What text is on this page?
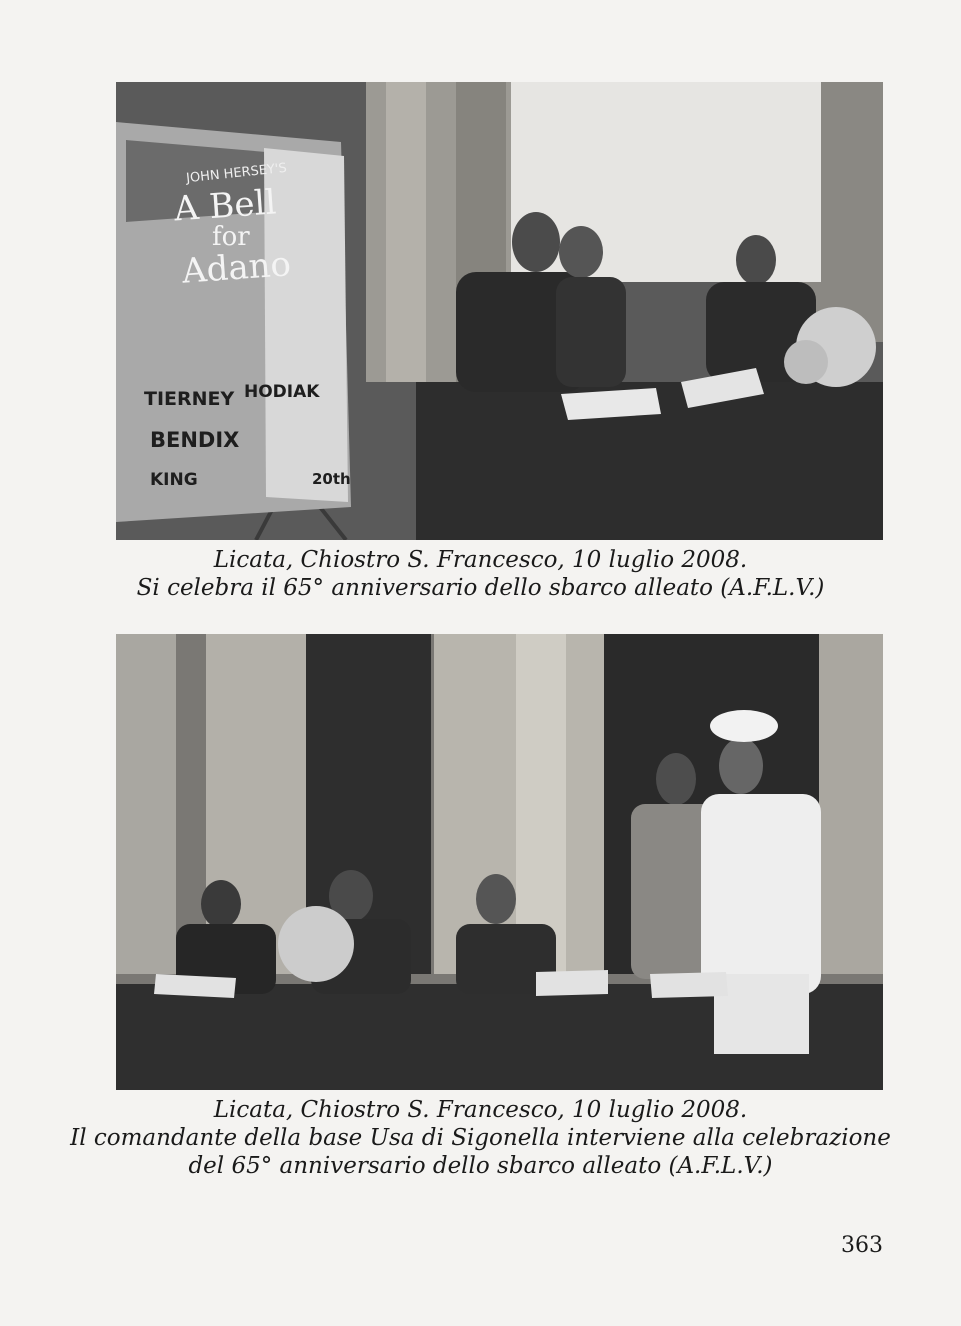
JOHN HERSEY'S
A Bell
for
Adano
TIERNEY HODIAK
BENDIX
KING	20th
Licata, Chiostro S. Francesco, 10 luglio 2008.
Si celebra il 65° anniversario dello sbarco alleato (A.F.L.V.)
Licata, Chiostro S. Francesco, 10 luglio 2008.
Il comandante della base Usa di Sigonella interviene alla celebrazione
del 65° anniversario dello sbarco alleato (A.F.L.V.)
363
